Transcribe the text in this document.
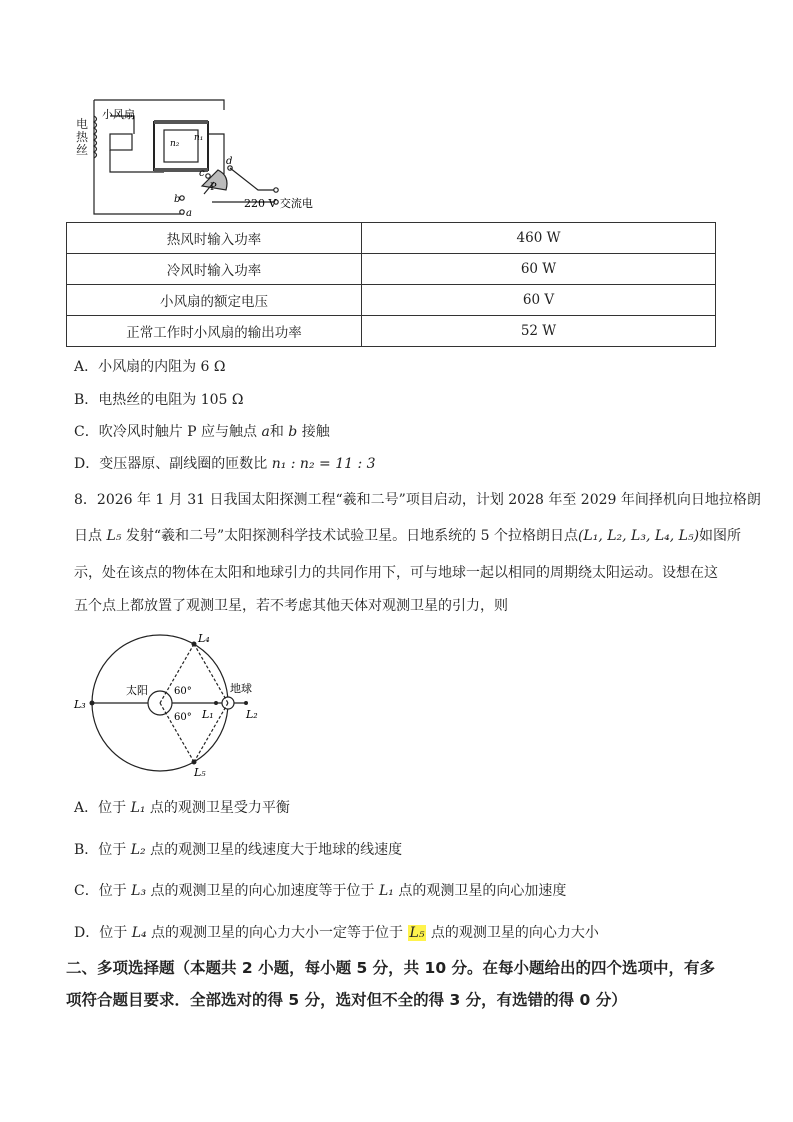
小风扇
n₂
n₁
b
a
c
d
P
220 V 交流电
电热丝
热风时输入功率	460 W
冷风时输入功率	60 W
小风扇的额定电压	60 V
正常工作时小风扇的输出功率	52 W
A．小风扇的内阻为 6 Ω
B．电热丝的电阻为 105 Ω
C．吹冷风时触片 P 应与触点 a和 b 接触
D．变压器原、副线圈的匝数比 n₁ : n₂ = 11 : 3
8．2026 年 1 月 31 日我国太阳探测工程“羲和二号”项目启动，计划 2028 年至 2029 年间择机向日地拉格朗
日点 L₅ 发射“羲和二号”太阳探测科学技术试验卫星。日地系统的 5 个拉格朗日点(L₁, L₂, L₃, L₄, L₅)如图所
示，处在该点的物体在太阳和地球引力的共同作用下，可与地球一起以相同的周期绕太阳运动。设想在这
五个点上都放置了观测卫星，若不考虑其他天体对观测卫星的引力，则
太阳	地球
60°
60°
L₃
L₄
L₅
L₁	L₂
A．位于 L₁ 点的观测卫星受力平衡
B．位于 L₂ 点的观测卫星的线速度大于地球的线速度
C．位于 L₃ 点的观测卫星的向心加速度等于位于 L₁ 点的观测卫星的向心加速度
D．位于 L₄ 点的观测卫星的向心力大小一定等于位于 L₅ 点的观测卫星的向心力大小
二、多项选择题（本题共 2 小题，每小题 5 分，共 10 分。在每小题给出的四个选项中，有多
项符合题目要求．全部选对的得 5 分，选对但不全的得 3 分，有选错的得 0 分）
